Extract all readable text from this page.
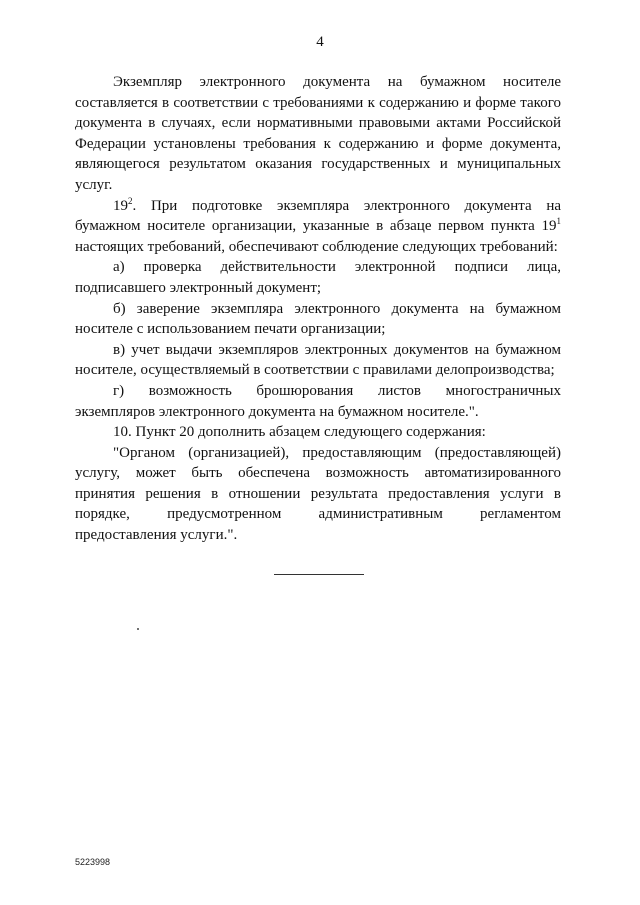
4

Экземпляр электронного документа на бумажном носителе составляется в соответствии с требованиями к содержанию и форме такого документа в случаях, если нормативными правовыми актами Российской Федерации установлены требования к содержанию и форме документа, являющегося результатом оказания государственных и муниципальных услуг.

$19^2$. При подготовке экземпляра электронного документа на бумажном носителе организации, указанные в абзаце первом пункта $19^1$ настоящих требований, обеспечивают соблюдение следующих требований:

а) проверка действительности электронной подписи лица, подписавшего электронный документ;

б) заверение экземпляра электронного документа на бумажном носителе с использованием печати организации;

в) учет выдачи экземпляров электронных документов на бумажном носителе, осуществляемый в соответствии с правилами делопроизводства;

г) возможность брошюрования листов многостраничных экземпляров электронного документа на бумажном носителе.".

10. Пункт 20 дополнить абзацем следующего содержания:

"Органом (организацией), предоставляющим (предоставляющей) услугу, может быть обеспечена возможность автоматизированного принятия решения в отношении результата предоставления услуги в порядке, предусмотренном административным регламентом предоставления услуги.".

5223998
